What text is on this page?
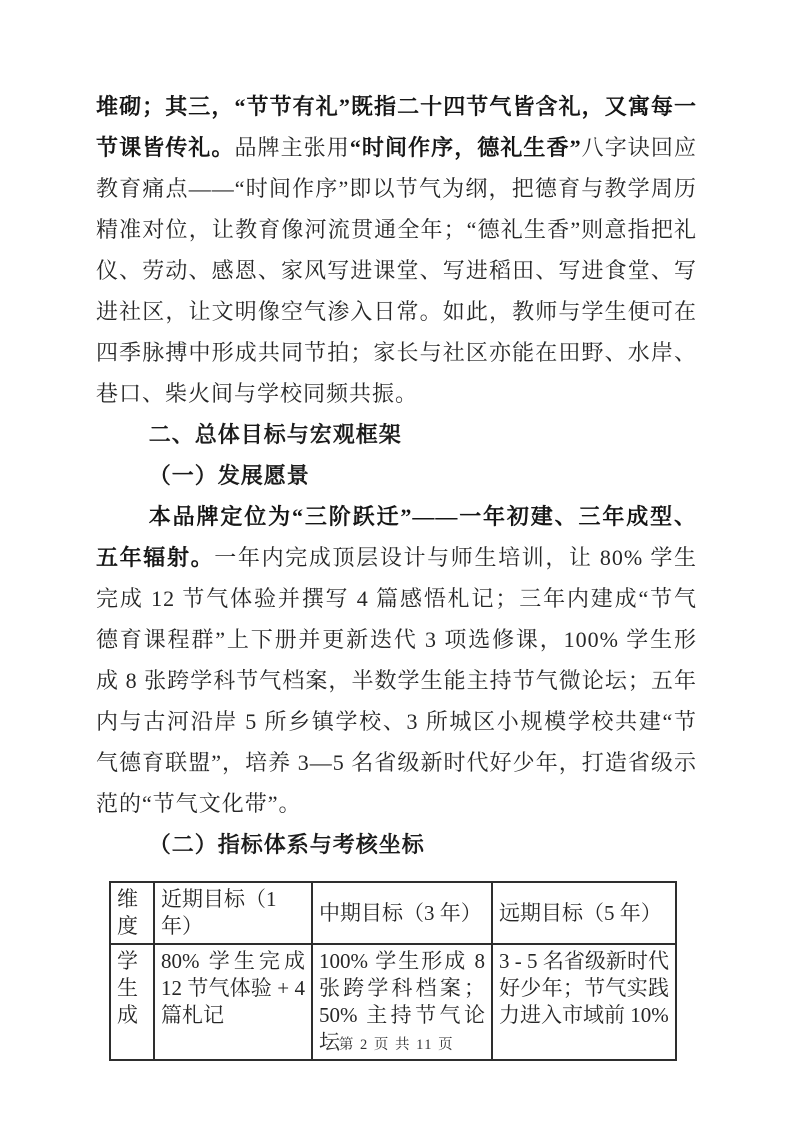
堆砌；其三，“节节有礼”既指二十四节气皆含礼，又寓每一节课皆传礼。品牌主张用“时间作序，德礼生香”八字诀回应教育痛点——“时间作序”即以节气为纲，把德育与教学周历精准对位，让教育像河流贯通全年；“德礼生香”则意指把礼仪、劳动、感恩、家风写进课堂、写进稻田、写进食堂、写进社区，让文明像空气渗入日常。如此，教师与学生便可在四季脉搏中形成共同节拍；家长与社区亦能在田野、水岸、巷口、柴火间与学校同频共振。

二、总体目标与宏观框架

（一）发展愿景

本品牌定位为“三阶跃迁”——一年初建、三年成型、五年辐射。一年内完成顶层设计与师生培训，让 80% 学生完成 12 节气体验并撰写 4 篇感悟札记；三年内建成“节气德育课程群”上下册并更新迭代 3 项选修课，100% 学生形成 8 张跨学科节气档案，半数学生能主持节气微论坛；五年内与古河沿岸 5 所乡镇学校、3 所城区小规模学校共建“节气德育联盟”，培养 3—5 名省级新时代好少年，打造省级示范的“节气文化带”。

（二）指标体系与考核坐标

维度	近期目标（1 年）	中期目标（3 年）	远期目标（5 年）
学生成	80% 学生完成 12 节气体验 + 4 篇札记	100% 学生形成 8 张跨学科档案；50% 主持节气论坛	3 - 5 名省级新时代好少年；节气实践力进入市域前 10%
第 2 页 共 11 页
